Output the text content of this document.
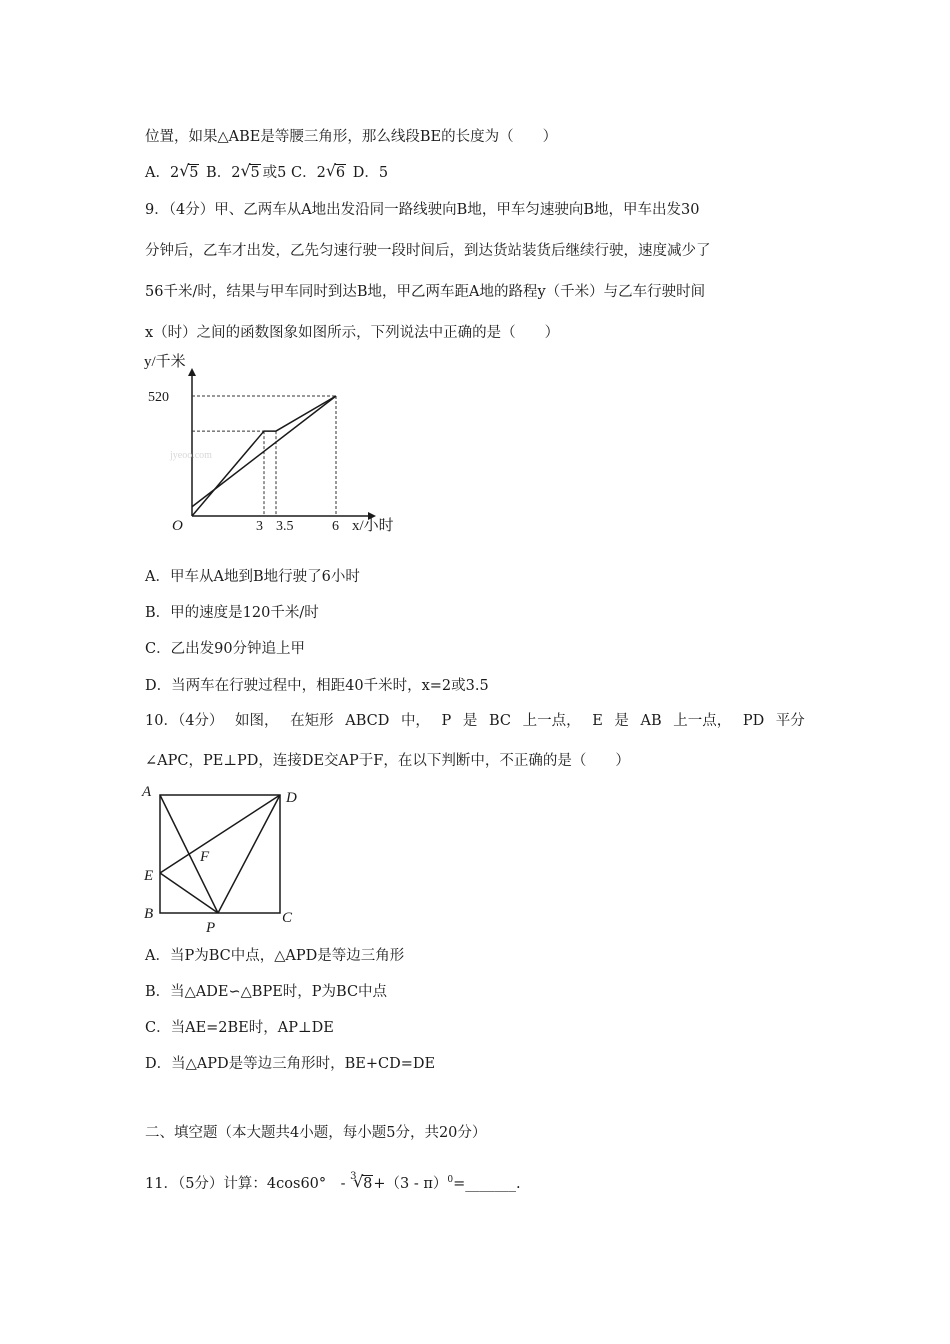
位置，如果△ABE是等腰三角形，那么线段BE的长度为（　　）
A．2 √ 5 B．2 √ 5 或5 C．2 √ 6 D．5
9．（4分）甲、乙两车从A地出发沿同一路线驶向B地，甲车匀速驶向B地，甲车出发30
分钟后，乙车才出发，乙先匀速行驶一段时间后，到达货站装货后继续行驶，速度减少了
56千米/时，结果与甲车同时到达B地，甲乙两车距A地的路程y（千米）与乙车行驶时间
x（时）之间的函数图象如图所示，下列说法中正确的是（　　）
3 3.5	6
520
y/千米
x/小时
O
jyeoo.com
A．甲车从A地到B地行驶了6小时
B．甲的速度是120千米/时
C．乙出发90分钟追上甲
D．当两车在行驶过程中，相距40千米时，x=2或3.5
10．（4分） 如图， 在矩形 ABCD 中， P 是 BC 上一点， E 是 AB 上一点， PD 平分
∠APC，PE⊥PD，连接DE交AP于F，在以下判断中，不正确的是（　　）
A	D
F
E
B
P
C
A．当P为BC中点，△APD是等边三角形
B．当△ADE∽△BPE时，P为BC中点
C．当AE=2BE时，AP⊥DE
D．当△APD是等边三角形时，BE+CD=DE
二、填空题（本大题共4小题，每小题5分，共20分）
11．（5分）计算：4cos60°　- 3 8+（3 - π）$^0$=_______.
